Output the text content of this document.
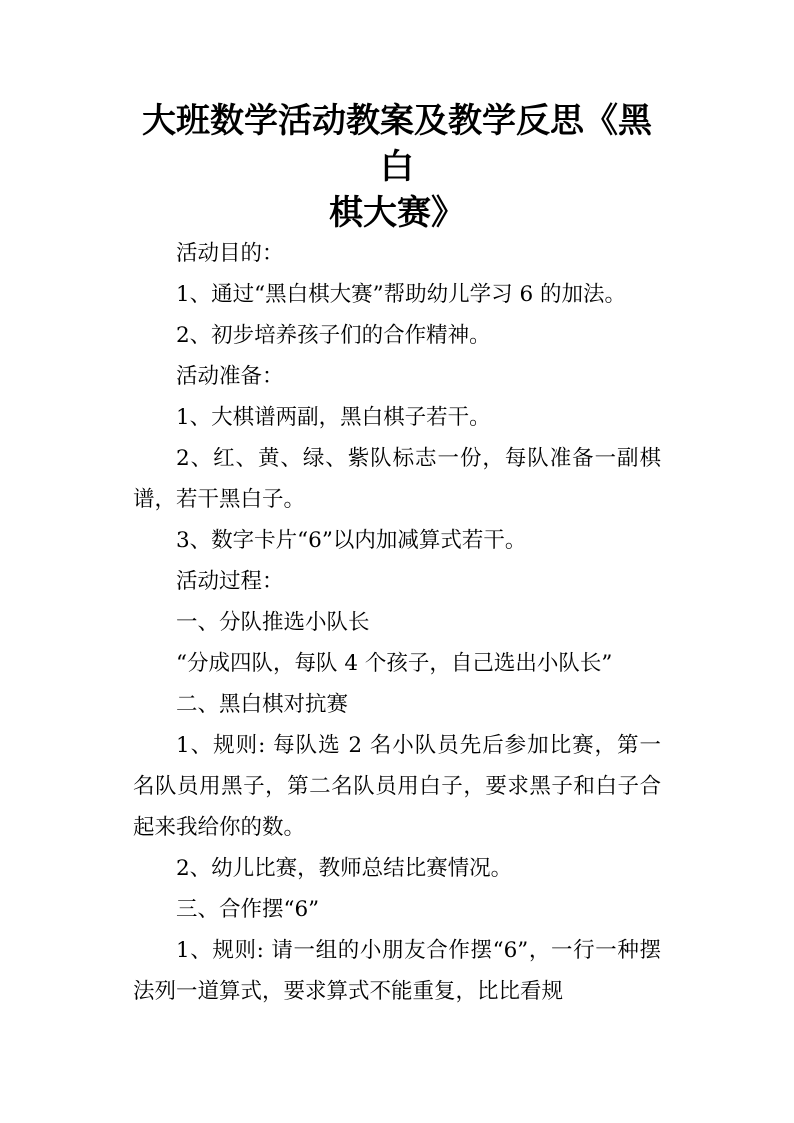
大班数学活动教案及教学反思《黑白
棋大赛》

活动目的：

1、通过“黑白棋大赛”帮助幼儿学习 6 的加法。

2、初步培养孩子们的合作精神。

活动准备：

1、大棋谱两副，黑白棋子若干。

2、红、黄、绿、紫队标志一份，每队准备一副棋谱，若干黑白子。

3、数字卡片“6”以内加减算式若干。

活动过程：

一、分队推选小队长

“分成四队，每队 4 个孩子，自己选出小队长”

二、黑白棋对抗赛

1、规则: 每队选 2 名小队员先后参加比赛，第一名队员用黑子，第二名队员用白子，要求黑子和白子合起来我给你的数。

2、幼儿比赛，教师总结比赛情况。

三、合作摆“6”

1、规则: 请一组的小朋友合作摆“6”，一行一种摆法列一道算式，要求算式不能重复，比比看规
